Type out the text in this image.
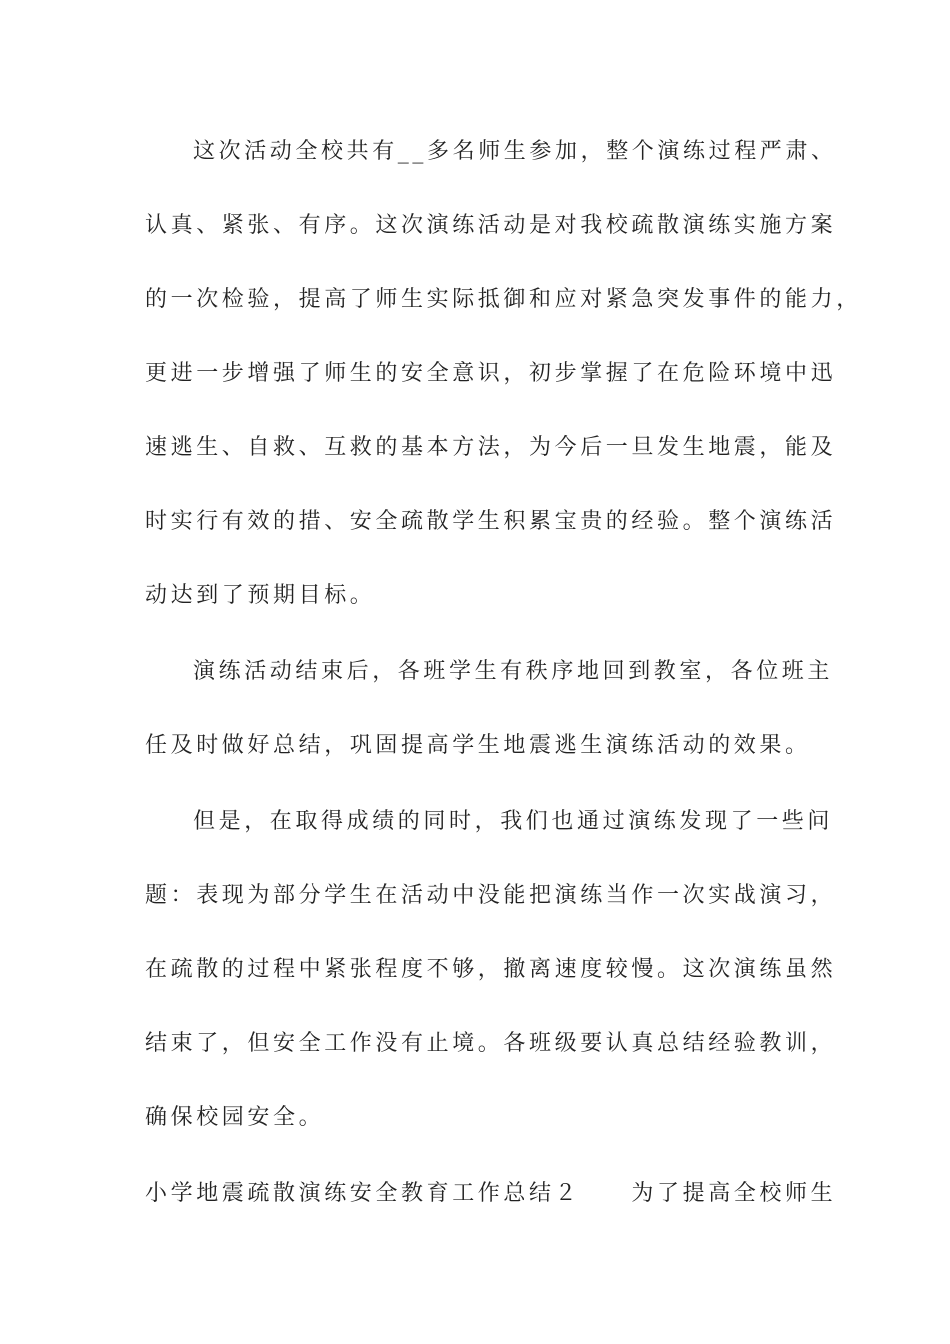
这次活动全校共有__多名师生参加，整个演练过程严肃、
认真、紧张、有序。这次演练活动是对我校疏散演练实施方案
的一次检验，提高了师生实际抵御和应对紧急突发事件的能力，
更进一步增强了师生的安全意识，初步掌握了在危险环境中迅
速逃生、自救、互救的基本方法，为今后一旦发生地震，能及
时实行有效的措、安全疏散学生积累宝贵的经验。整个演练活
动达到了预期目标。
演练活动结束后，各班学生有秩序地回到教室，各位班主
任及时做好总结，巩固提高学生地震逃生演练活动的效果。
但是，在取得成绩的同时，我们也通过演练发现了一些问
题：表现为部分学生在活动中没能把演练当作一次实战演习，
在疏散的过程中紧张程度不够，撤离速度较慢。这次演练虽然
结束了，但安全工作没有止境。各班级要认真总结经验教训，
确保校园安全。
小学地震疏散演练安全教育工作总结２　　为了提高全校师生
